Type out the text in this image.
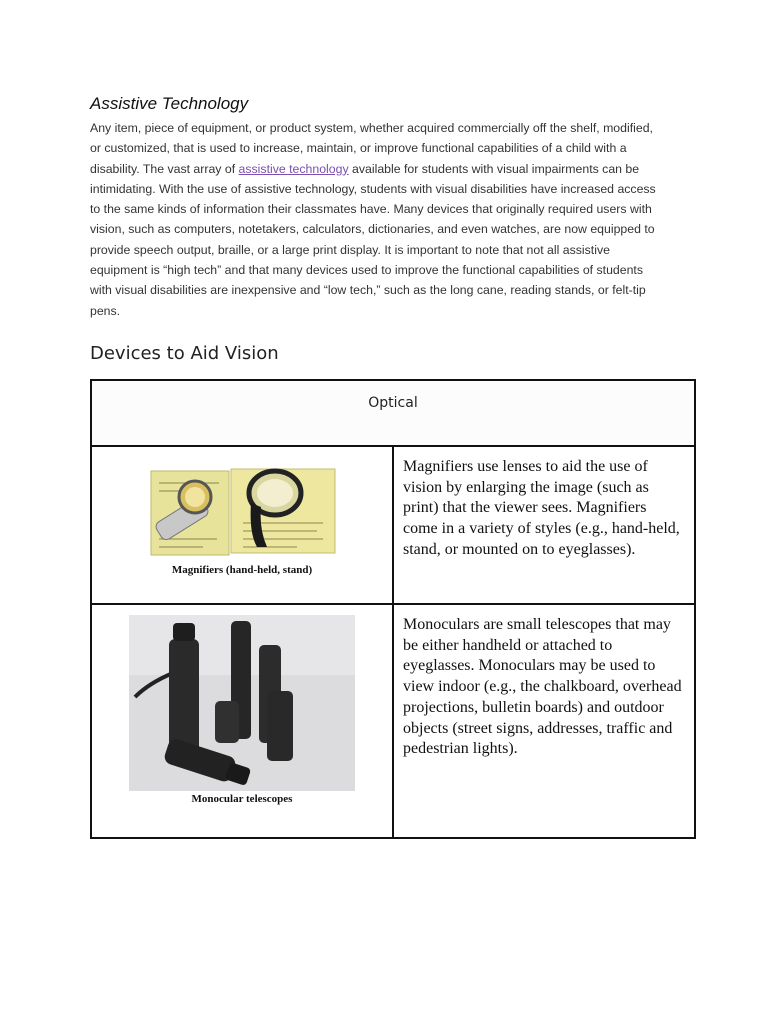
Assistive Technology

Any item, piece of equipment, or product system, whether acquired commercially off the shelf, modified, or customized, that is used to increase, maintain, or improve functional capabilities of a child with a disability. The vast array of assistive technology available for students with visual impairments can be intimidating. With the use of assistive technology, students with visual disabilities have increased access to the same kinds of information their classmates have. Many devices that originally required users with vision, such as computers, notetakers, calculators, dictionaries, and even watches, are now equipped to provide speech output, braille, or a large print display. It is important to note that not all assistive equipment is “high tech” and that many devices used to improve the functional capabilities of students with visual disabilities are inexpensive and “low tech,” such as the long cane, reading stands, or felt-tip pens.

Devices to Aid Vision
Optical	

Magnifiers (hand-held, stand)	Magnifiers use lenses to aid the use of vision by enlarging the image (such as print) that the viewer sees. Magnifiers come in a variety of styles (e.g., hand-held, stand, or mounted on to eyeglasses).

Monocular telescopes	Monoculars are small telescopes that may be either handheld or attached to eyeglasses. Monoculars may be used to view indoor (e.g., the chalkboard, overhead projections, bulletin boards) and outdoor objects (street signs, addresses, traffic and pedestrian lights).
